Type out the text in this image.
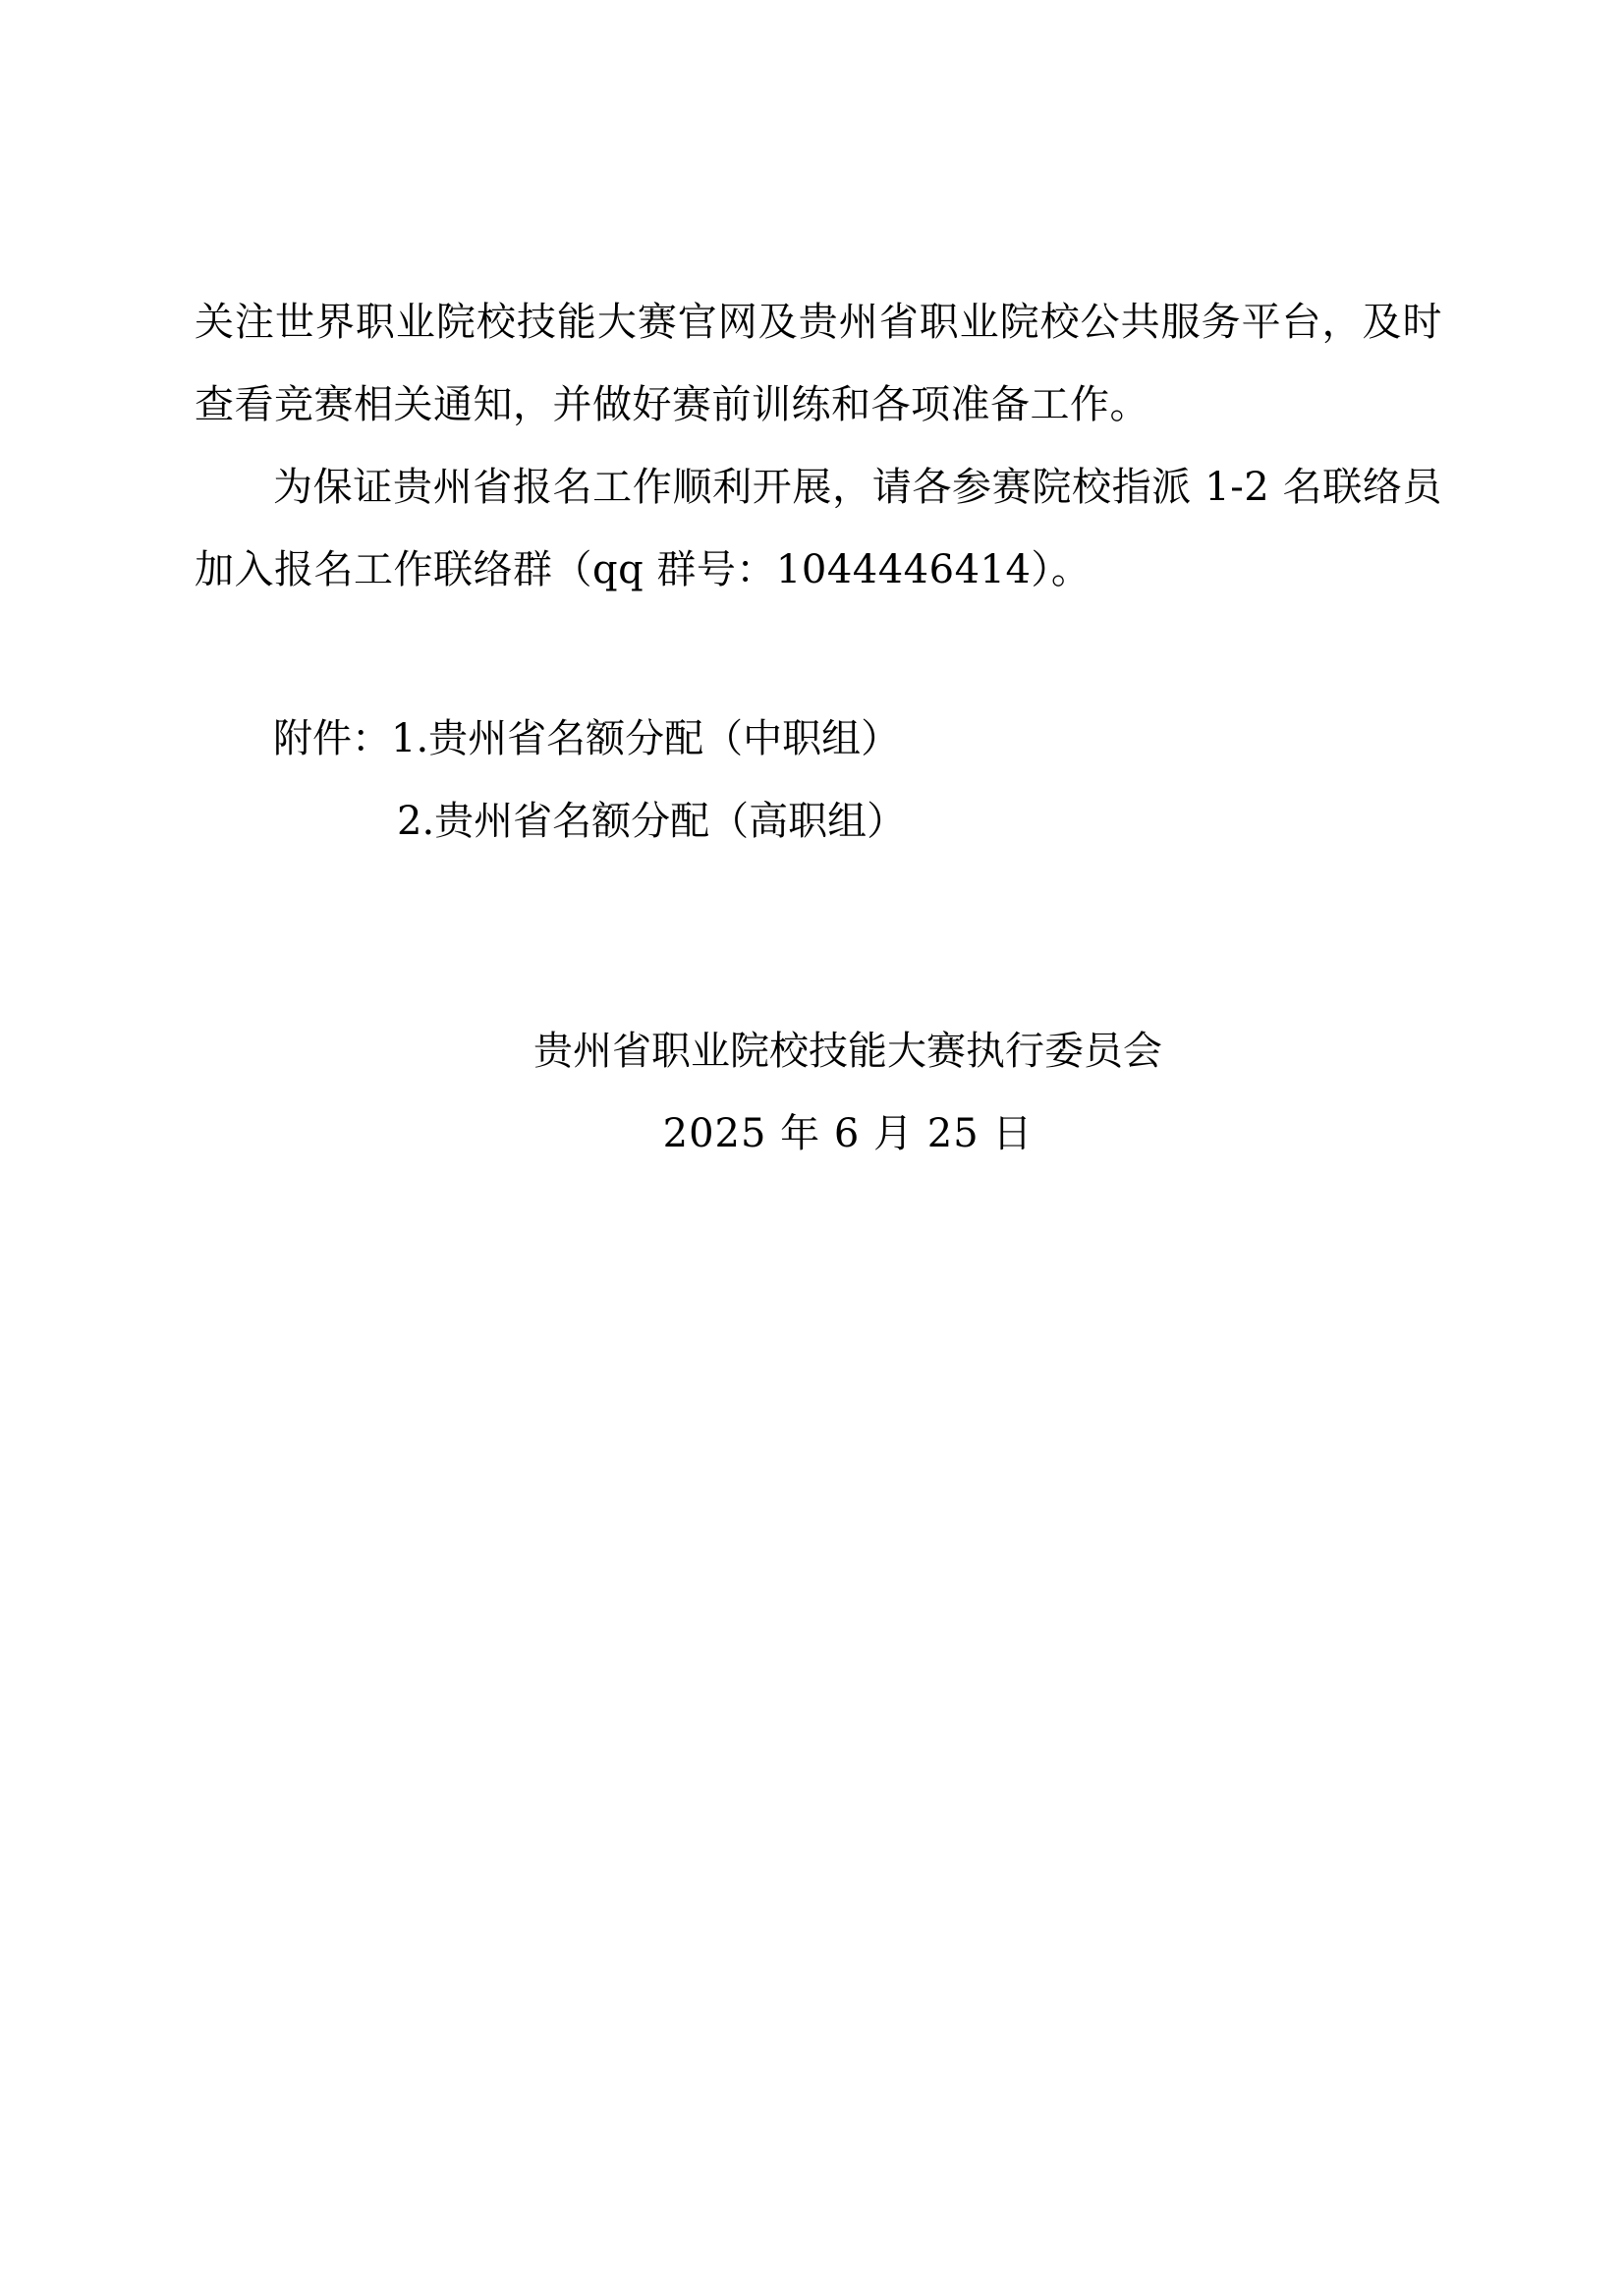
关注世界职业院校技能大赛官网及贵州省职业院校公共服务平台，及时查看竞赛相关通知，并做好赛前训练和各项准备工作。

为保证贵州省报名工作顺利开展，请各参赛院校指派 1-2 名联络员加入报名工作联络群（qq 群号：1044446414）。

附件：1.贵州省名额分配（中职组）
2.贵州省名额分配（高职组）
贵州省职业院校技能大赛执行委员会
2025 年 6 月 25 日
